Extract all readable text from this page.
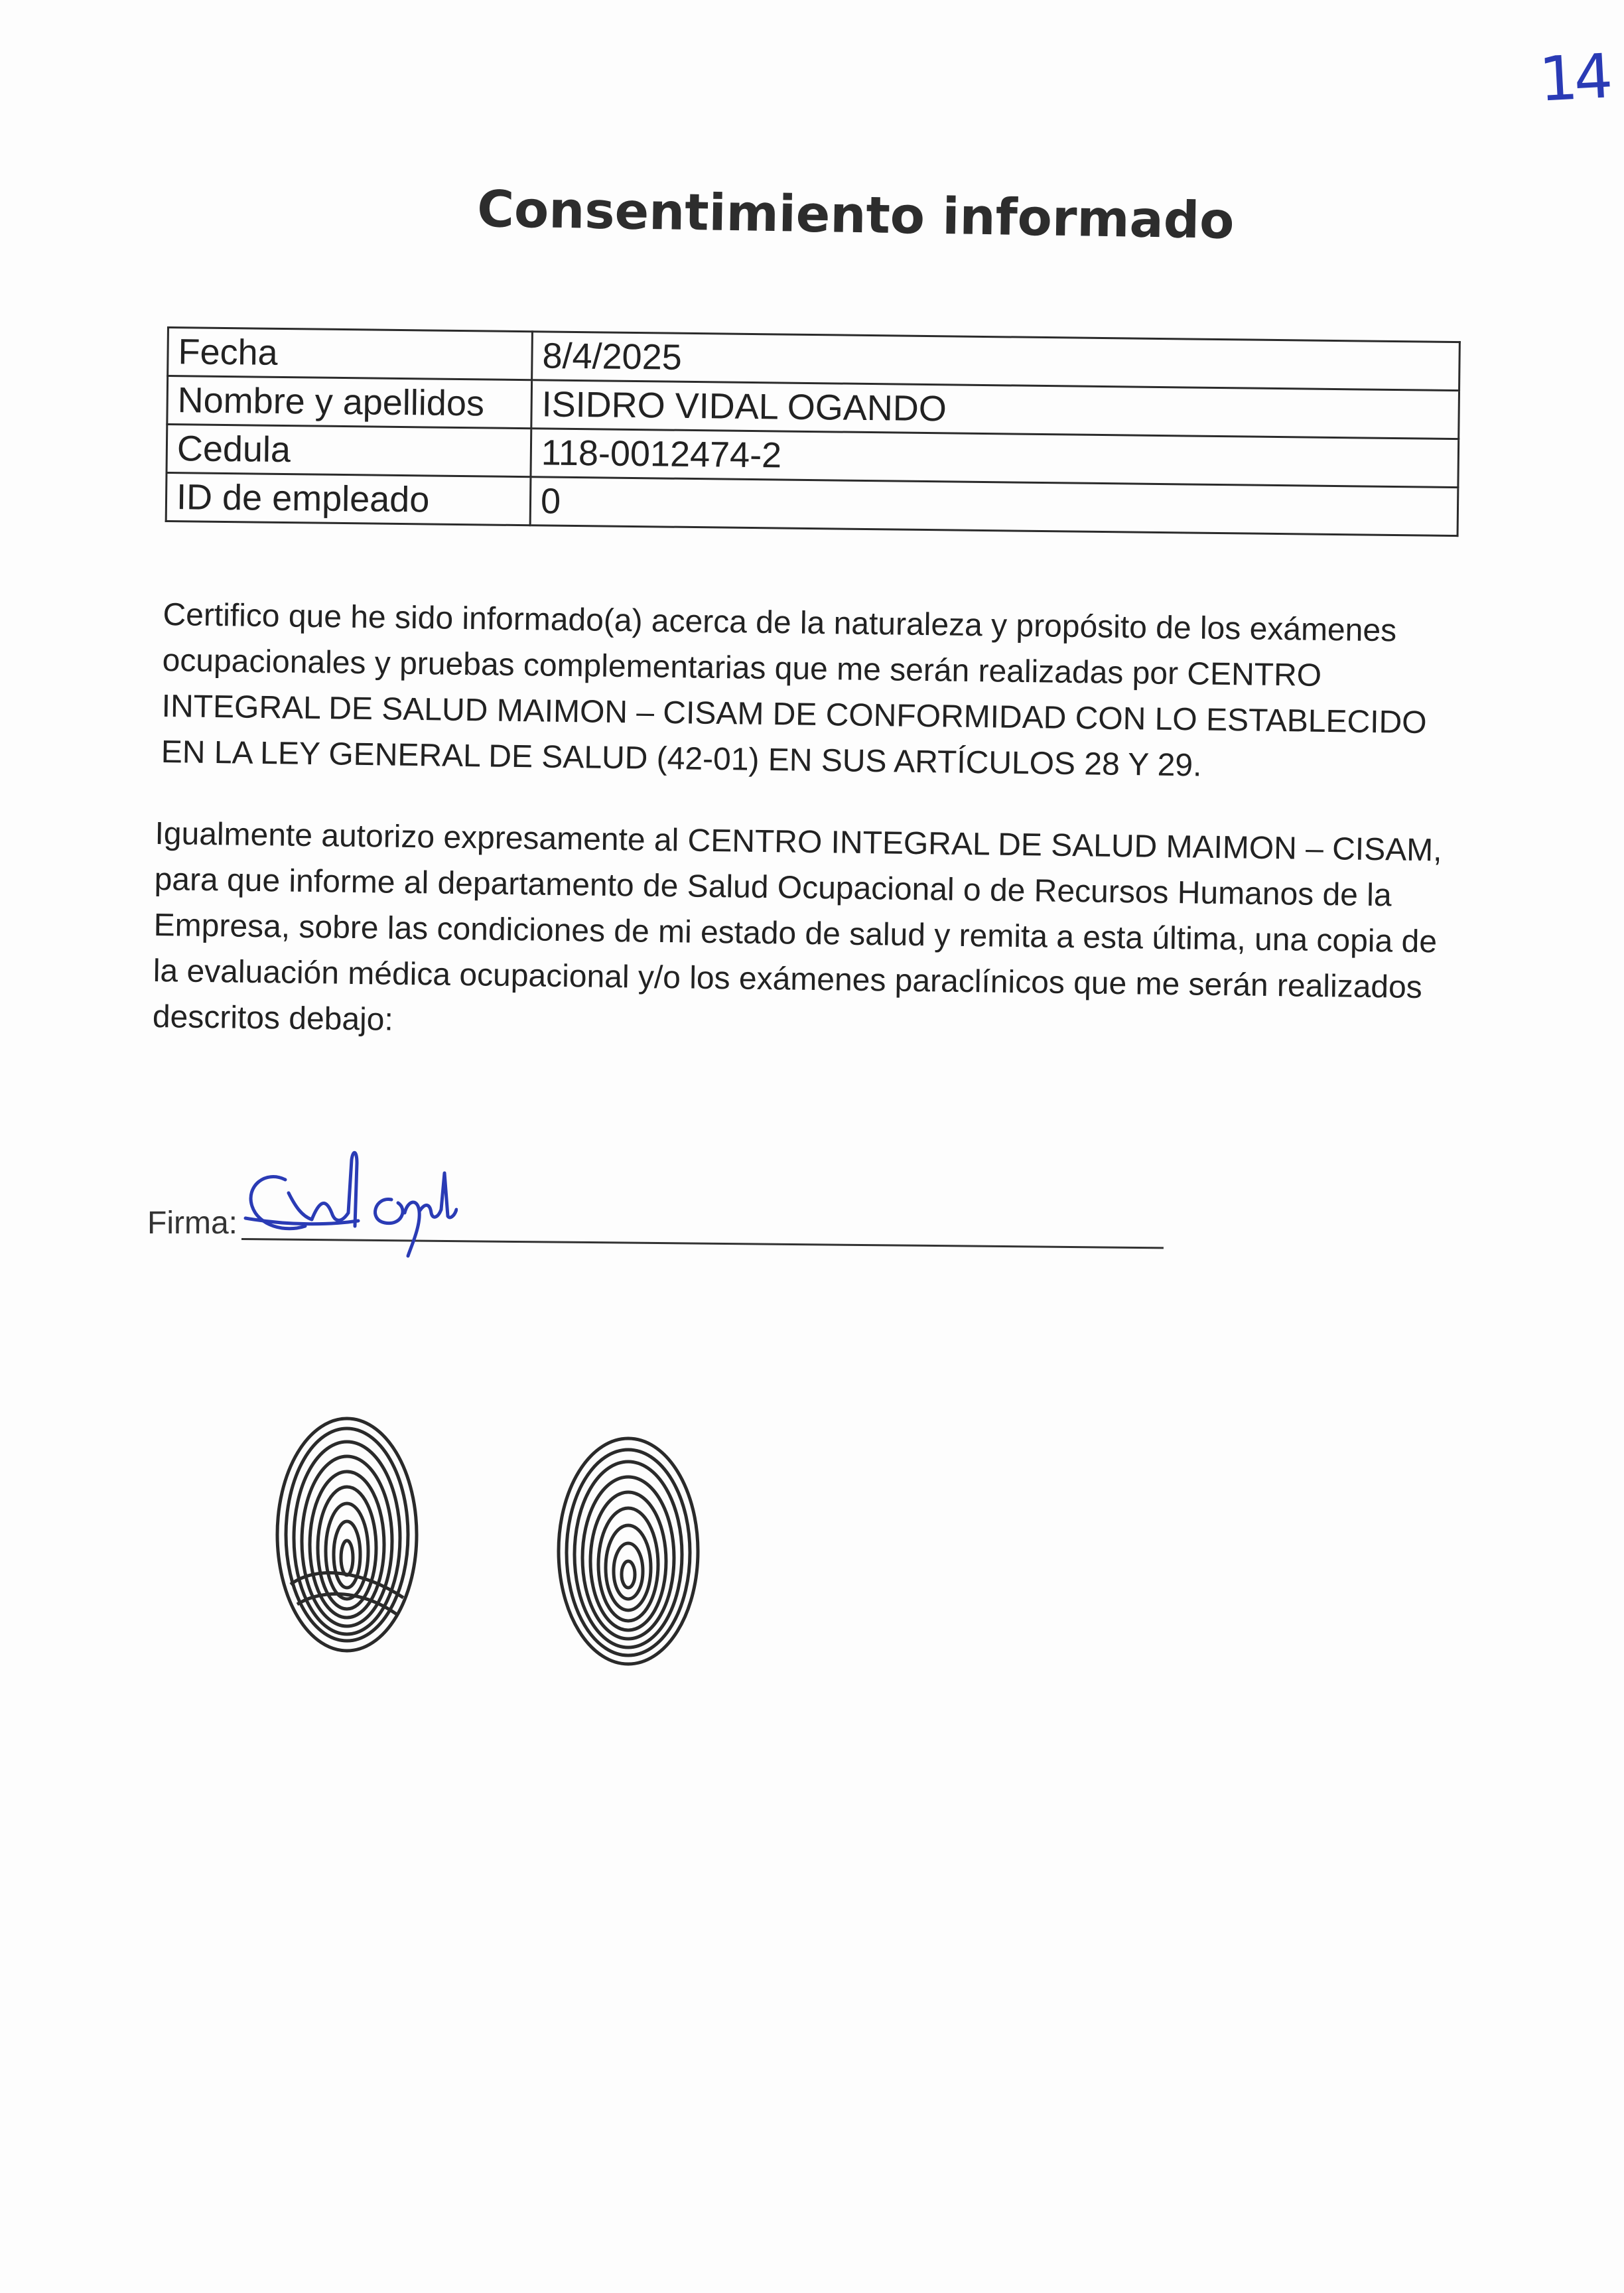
14
Consentimiento informado
Fecha	8/4/2025
Nombre y apellidos	ISIDRO VIDAL OGANDO
Cedula	118-0012474-2
ID de empleado	0
Certifico que he sido informado(a) acerca de la naturaleza y propósito de los exámenes ocupacionales y pruebas complementarias que me serán realizadas por CENTRO INTEGRAL DE SALUD MAIMON – CISAM DE CONFORMIDAD CON LO ESTABLECIDO EN LA LEY GENERAL DE SALUD (42-01) EN SUS ARTÍCULOS 28 Y 29.
Igualmente autorizo expresamente al CENTRO INTEGRAL DE SALUD MAIMON – CISAM, para que informe al departamento de Salud Ocupacional o de Recursos Humanos de la Empresa, sobre las condiciones de mi estado de salud y remita a esta última, una copia de la evaluación médica ocupacional y/o los exámenes paraclínicos que me serán realizados descritos debajo:
Firma:
